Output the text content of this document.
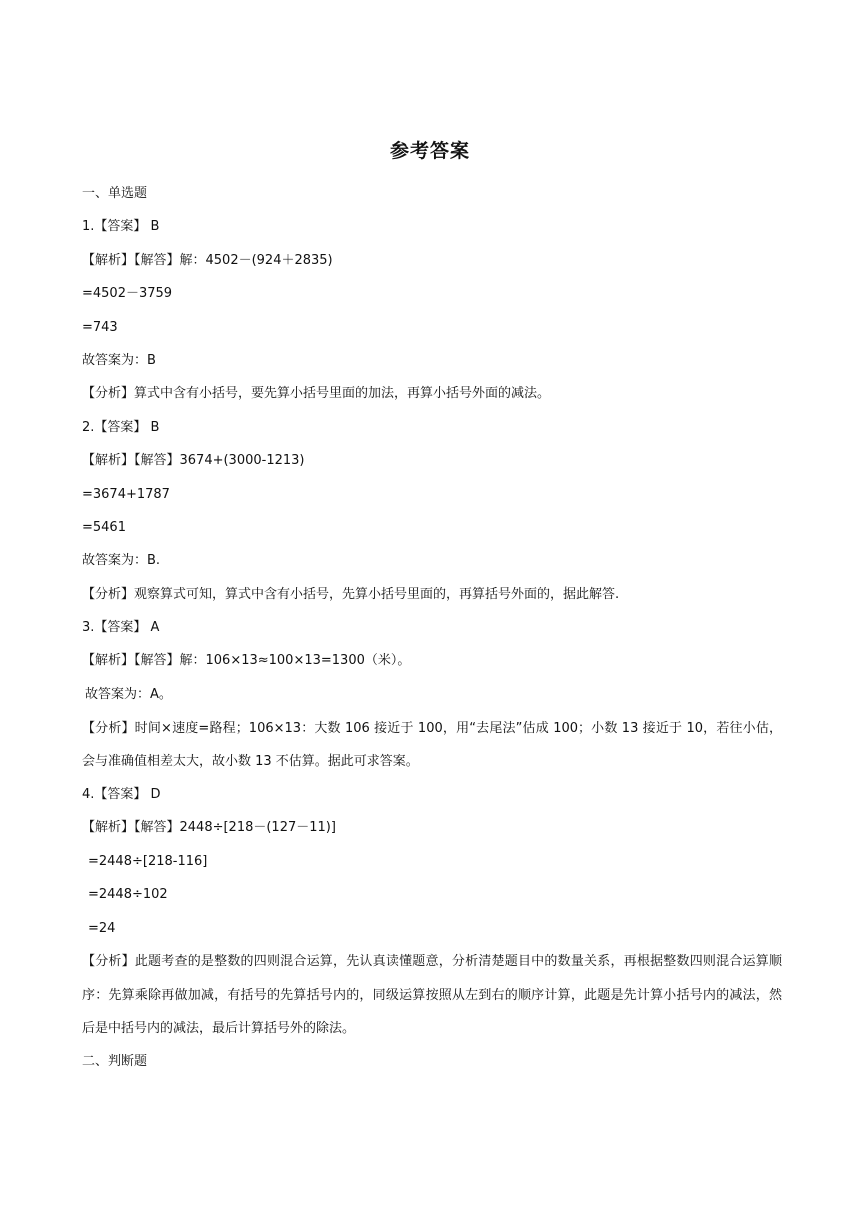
参考答案
一、单选题
1.【答案】 B
【解析】【解答】解：4502－(924＋2835)
=4502－3759
=743
故答案为：B
【分析】算式中含有小括号，要先算小括号里面的加法，再算小括号外面的减法。
2.【答案】 B
【解析】【解答】3674+(3000-1213)
=3674+1787
=5461
故答案为：B.
【分析】观察算式可知，算式中含有小括号，先算小括号里面的，再算括号外面的，据此解答.
3.【答案】 A
【解析】【解答】解：106×13≈100×13=1300（米）。
故答案为：A。
【分析】时间×速度=路程；106×13：大数 106 接近于 100，用“去尾法”估成 100；小数 13 接近于 10，若往小估，会与准确值相差太大，故小数 13 不估算。据此可求答案。
4.【答案】 D
【解析】【解答】2448÷[218－(127－11)]
=2448÷[218-116]
=2448÷102
=24
【分析】此题考查的是整数的四则混合运算，先认真读懂题意，分析清楚题目中的数量关系，再根据整数四则混合运算顺序：先算乘除再做加减，有括号的先算括号内的，同级运算按照从左到右的顺序计算，此题是先计算小括号内的减法，然后是中括号内的减法，最后计算括号外的除法。
二、判断题
